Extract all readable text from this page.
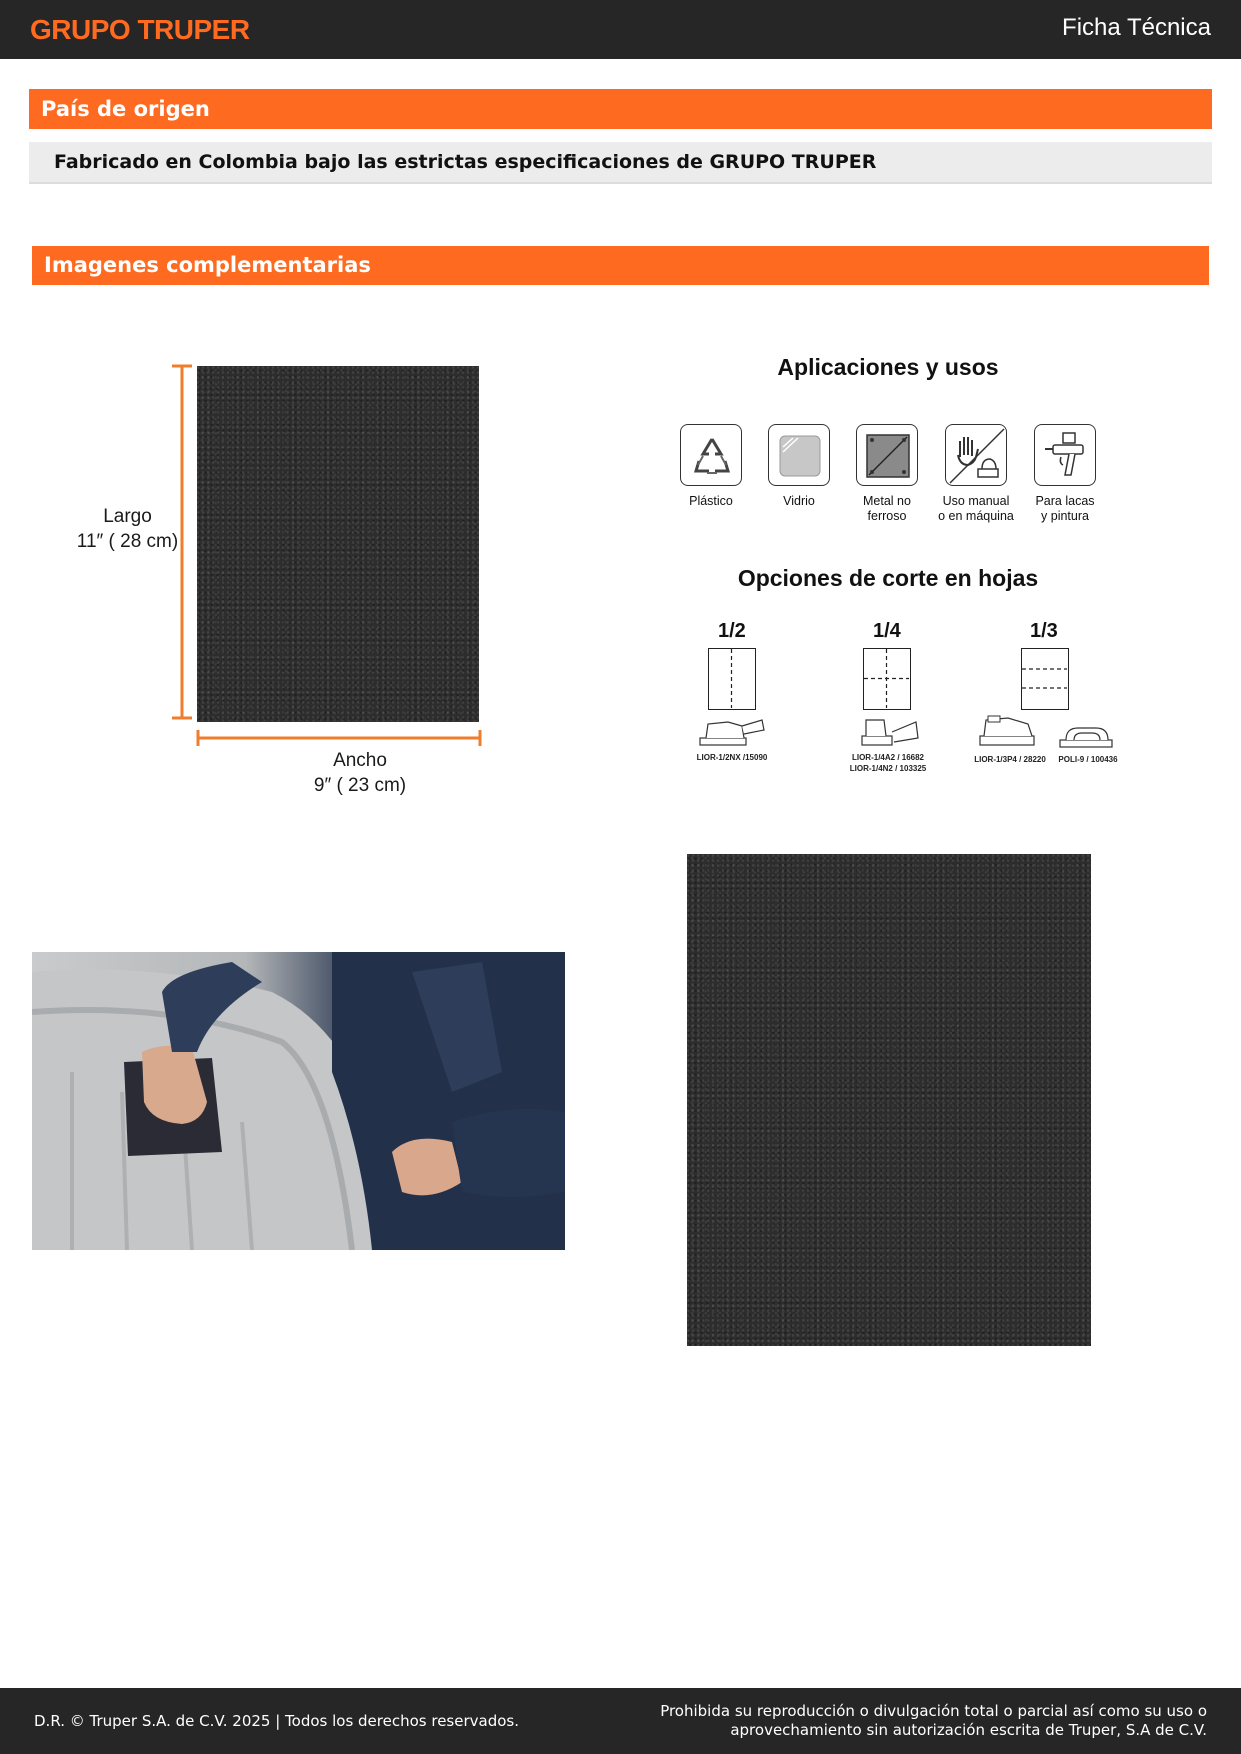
GRUPO TRUPER	Ficha Técnica
País de origen
Fabricado en Colombia bajo las estrictas especificaciones de GRUPO TRUPER
Imagenes complementarias
Largo
11″ ( 28 cm)
Ancho
9″ ( 23 cm)
Aplicaciones y usos
Plástico	Vidrio	Metal no
ferroso
Uso manual
o en máquina
Para lacas
y pintura
Opciones de corte en hojas
1/2	1/4	1/3
LIOR-1/2NX /15090	LIOR-1/4A2 / 16682
LIOR-1/4N2 / 103325
LIOR-1/3P4 / 28220	POLI-9 / 100436
D.R. © Truper S.A. de C.V. 2025 | Todos los derechos reservados.
Prohibida su reproducción o divulgación total o parcial así como su uso o
aprovechamiento sin autorización escrita de Truper, S.A de C.V.
